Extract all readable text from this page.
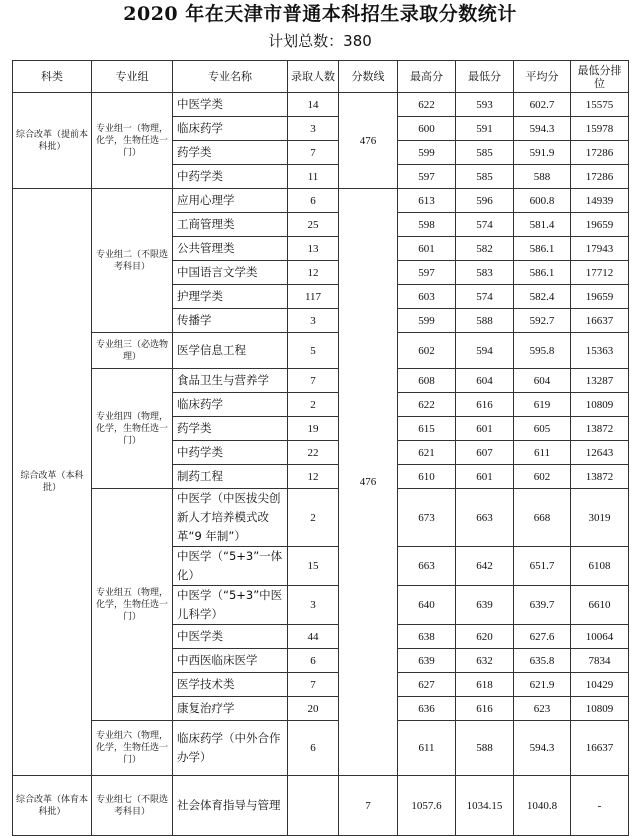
2020 年在天津市普通本科招生录取分数统计
计划总数：380
科类	专业组	专业名称	录取人数	分数线	最高分	最低分	平均分	最低分排位
综合改革（提前本科批）	专业组一（物理，化学，生物任选一门）	中医学类	14	476	622	593	602.7	15575
		临床药学	3		600	591	594.3	15978
		药学类	7		599	585	591.9	17286
		中药学类	11		597	585	588	17286
综合改革（本科批）	专业组二（不限选考科目）	应用心理学	6	476	613	596	600.8	14939
		工商管理类	25		598	574	581.4	19659
		公共管理类	13		601	582	586.1	17943
		中国语言文学类	12		597	583	586.1	17712
		护理学类	117		603	574	582.4	19659
		传播学	3		599	588	592.7	16637
	专业组三（必选物理）	医学信息工程	5		602	594	595.8	15363
	专业组四（物理，化学，生物任选一门）	食品卫生与营养学	7		608	604	604	13287
		临床药学	2		622	616	619	10809
		药学类	19		615	601	605	13872
		中药学类	22		621	607	611	12643
		制药工程	12		610	601	602	13872
	专业组五（物理，化学，生物任选一门）	中医学（中医拔尖创新人才培养模式改革“9 年制”）	2		673	663	668	3019
		中医学（“5+3”一体化）	15		663	642	651.7	6108
		中医学（“5+3”中医儿科学）	3		640	639	639.7	6610
		中医学类	44		638	620	627.6	10064
		中西医临床医学	6		639	632	635.8	7834
		医学技术类	7		627	618	621.9	10429
		康复治疗学	20		636	616	623	10809
	专业组六（物理，化学，生物任选一门）	临床药学（中外合作办学）	6		611	588	594.3	16637
综合改革（体育本科批）	专业组七（不限选考科目）	社会体育指导与管理		7	1057.6	1034.15	1040.8	-
